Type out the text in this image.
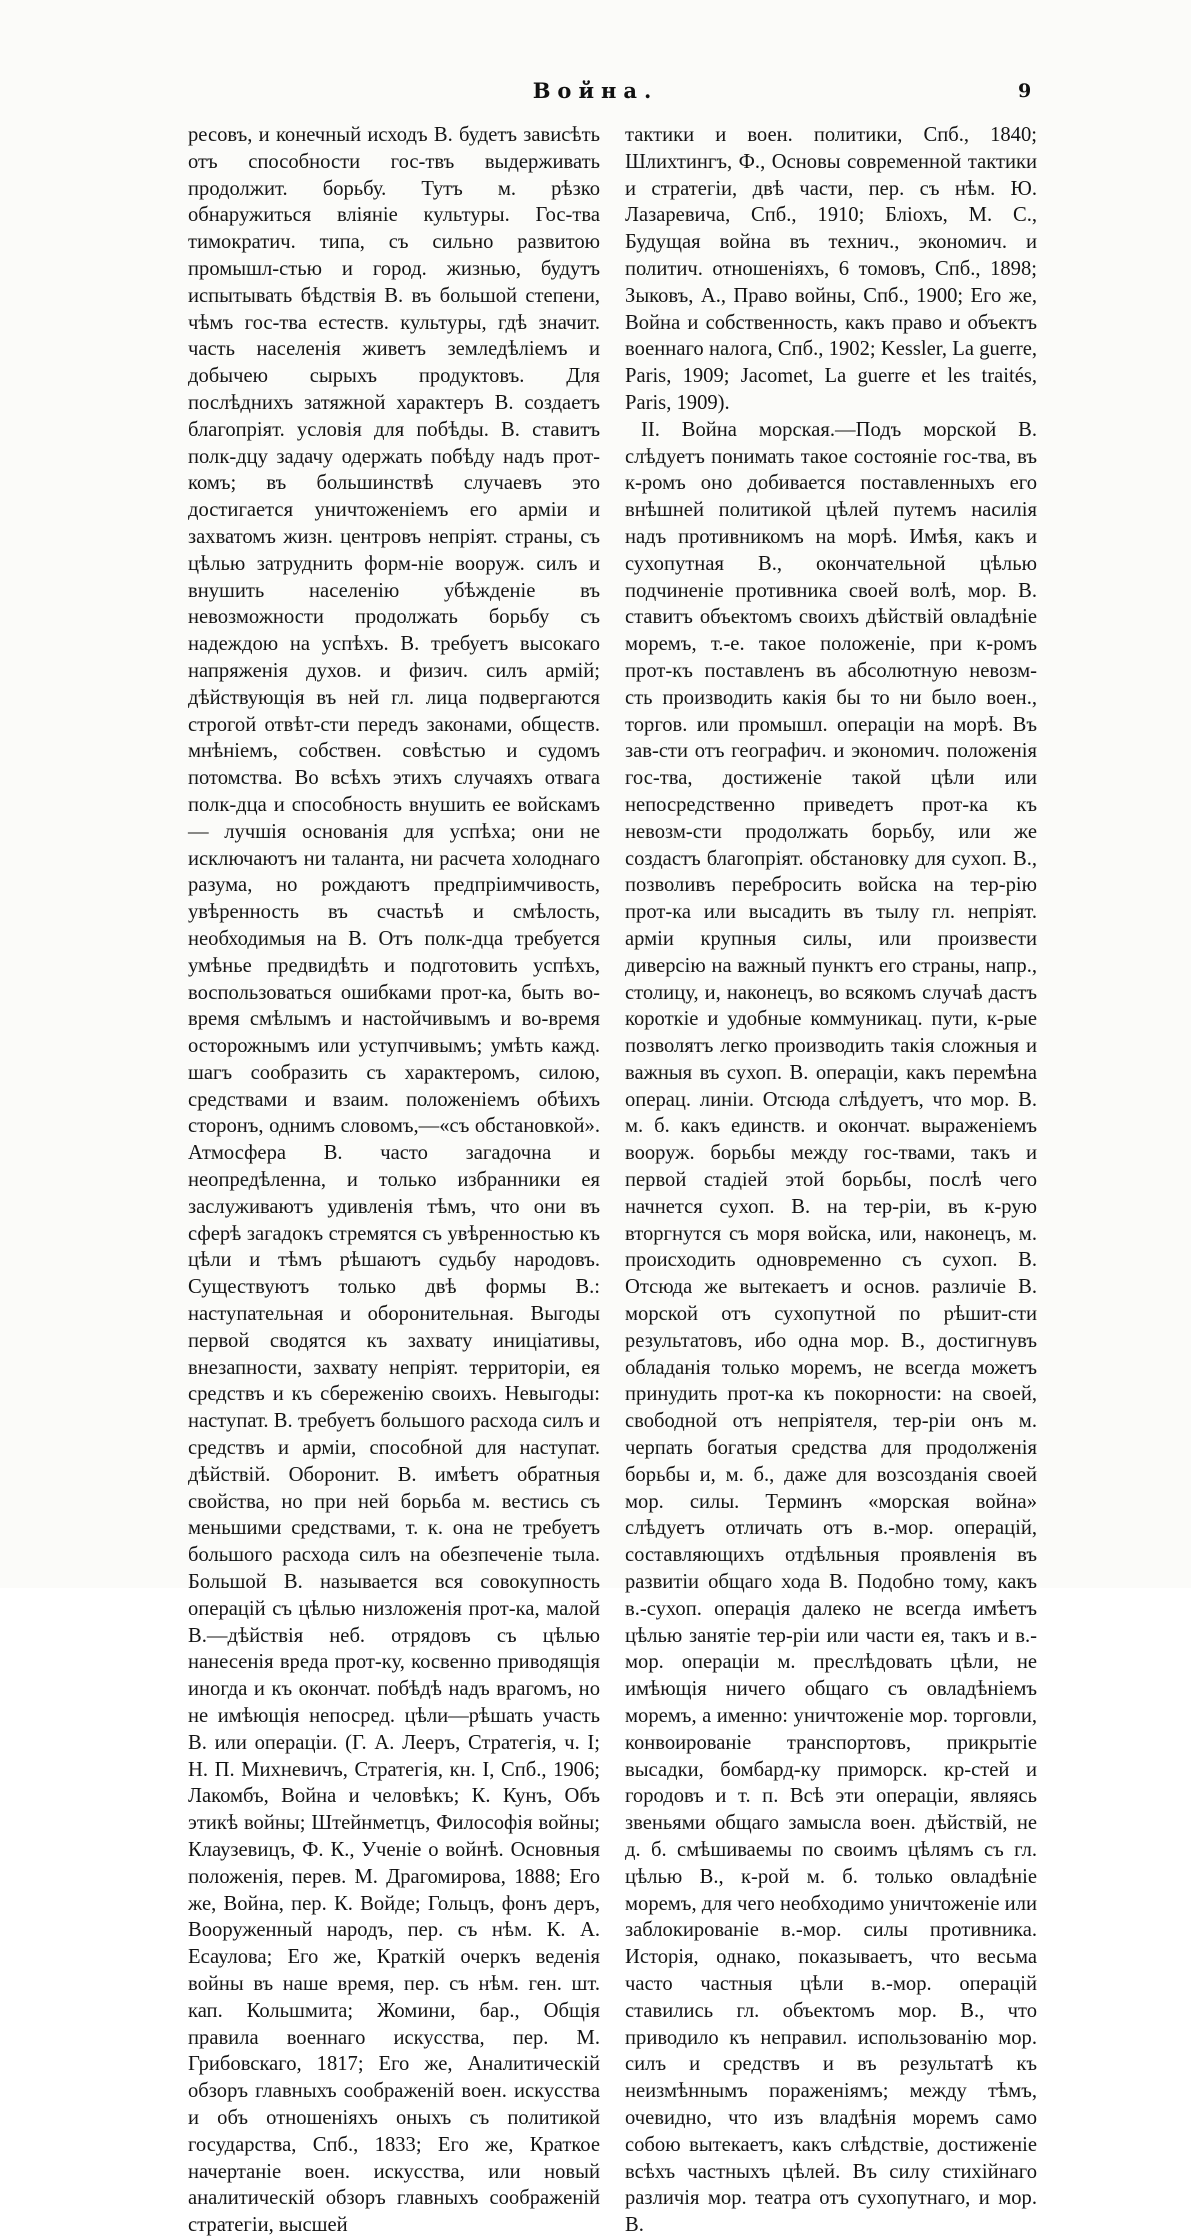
Война.	9

ресовъ, и конечный исходъ В. будетъ зависѣть отъ способности гос-твъ выдерживать продолжит. борьбу. Тутъ м. рѣзко обнаружиться вліяніе культуры. Гос-тва тимократич. типа, съ сильно развитою промышл-стью и город. жизнью, будутъ испытывать бѣдствія В. въ большой степени, чѣмъ гос-тва естеств. культуры, гдѣ значит. часть населенія живетъ земледѣліемъ и добычею сырыхъ продуктовъ. Для послѣднихъ затяжной характеръ В. создаетъ благопріят. условія для побѣды. В. ставитъ полк-дцу задачу одержать побѣду надъ прот-комъ; въ большинствѣ случаевъ это достигается уничтоженіемъ его арміи и захватомъ жизн. центровъ непріят. страны, съ цѣлью затруднить форм-ніе вооруж. силъ и внушить населенію убѣжденіе въ невозможности продолжать борьбу съ надеждою на успѣхъ. В. требуетъ высокаго напряженія духов. и физич. силъ армій; дѣйствующія въ ней гл. лица подвергаются строгой отвѣт-сти передъ законами, обществ. мнѣніемъ, собствен. совѣстью и судомъ потомства. Во всѣхъ этихъ случаяхъ отвага полк-дца и способность внушить ее войскамъ — лучшія основанія для успѣха; они не исключаютъ ни таланта, ни расчета холоднаго разума, но рождаютъ предпріимчивость, увѣренность въ счастьѣ и смѣлость, необходимыя на В. Отъ полк-дца требуется умѣнье предвидѣть и подготовить успѣхъ, воспользоваться ошибками прот-ка, быть во-время смѣлымъ и настойчивымъ и во-время осторожнымъ или уступчивымъ; умѣть кажд. шагъ сообразить съ характеромъ, силою, средствами и взаим. положеніемъ обѣихъ сторонъ, однимъ словомъ,—«съ обстановкой». Атмосфера В. часто загадочна и неопредѣленна, и только избранники ея заслуживаютъ удивленія тѣмъ, что они въ сферѣ загадокъ стремятся съ увѣренностью къ цѣли и тѣмъ рѣшаютъ судьбу народовъ. Существуютъ только двѣ формы В.: наступательная и оборонительная. Выгоды первой сводятся къ захвату иниціативы, внезапности, захвату непріят. территоріи, ея средствъ и къ сбереженію своихъ. Невыгоды: наступат. В. требуетъ большого расхода силъ и средствъ и арміи, способной для наступат. дѣйствій. Оборонит. В. имѣетъ обратныя свойства, но при ней борьба м. вестись съ меньшими средствами, т. к. она не требуетъ большого расхода силъ на обезпеченіе тыла. Большой В. называется вся совокупность операцій съ цѣлью низложенія прот-ка, малой В.—дѣйствія неб. отрядовъ съ цѣлью нанесенія вреда прот-ку, косвенно приводящія иногда и къ окончат. побѣдѣ надъ врагомъ, но не имѣющія непосред. цѣли—рѣшать участь В. или операціи. (Г. А. Лееръ, Стратегія, ч. I; Н. П. Михневичъ, Стратегія, кн. I, Спб., 1906; Лакомбъ, Война и человѣкъ; К. Кунъ, Объ этикѣ войны; Штейнметцъ, Философія войны; Клаузевицъ, Ф. К., Ученіе о войнѣ. Основныя положенія, перев. М. Драгомирова, 1888; Его же, Война, пер. К. Войде; Гольцъ, фонъ деръ, Вооруженный народъ, пер. съ нѣм. К. А. Есаулова; Его же, Краткій очеркъ веденія войны въ наше время, пер. съ нѣм. ген. шт. кап. Кольшмита; Жомини, бар., Общія правила военнаго искусства, пер. М. Грибовскаго, 1817; Его же, Аналитическій обзоръ главныхъ соображеній воен. искусства и объ отношеніяхъ оныхъ съ политикой государства, Спб., 1833; Его же, Краткое начертаніе воен. искусства, или новый аналитическій обзоръ главныхъ соображеній стратегіи, высшей

тактики и воен. политики, Спб., 1840; Шлихтингъ, Ф., Основы современной тактики и стратегіи, двѣ части, пер. съ нѣм. Ю. Лазаревича, Спб., 1910; Блiохъ, М. С., Будущая война въ технич., экономич. и политич. отношеніяхъ, 6 томовъ, Спб., 1898; Зыковъ, А., Право войны, Спб., 1900; Его же, Война и собственность, какъ право и объектъ военнаго налога, Спб., 1902; Kessler, La guerre, Paris, 1909; Jacomet, La guerre et les traités, Paris, 1909).

II. Война морская.—Подъ морской В. слѣдуетъ понимать такое состояніе гос-тва, въ к-ромъ оно добивается поставленныхъ его внѣшней политикой цѣлей путемъ насилія надъ противникомъ на морѣ. Имѣя, какъ и сухопутная В., окончательной цѣлью подчиненіе противника своей волѣ, мор. В. ставитъ объектомъ своихъ дѣйствій овладѣніе моремъ, т.-е. такое положеніе, при к-ромъ прот-къ поставленъ въ абсолютную невозм-сть производить какія бы то ни было воен., торгов. или промышл. операціи на морѣ. Въ зав-сти отъ географич. и экономич. положенія гос-тва, достиженіе такой цѣли или непосредственно приведетъ прот-ка къ невозм-сти продолжать борьбу, или же создастъ благопріят. обстановку для сухоп. В., позволивъ перебросить войска на тер-рію прот-ка или высадить въ тылу гл. непріят. арміи крупныя силы, или произвести диверсію на важный пунктъ его страны, напр., столицу, и, наконецъ, во всякомъ случаѣ дастъ короткіе и удобные коммуникац. пути, к-рые позволятъ легко производить такія сложныя и важныя въ сухоп. В. операціи, какъ перемѣна операц. линіи. Отсюда слѣдуетъ, что мор. В. м. б. какъ единств. и окончат. выраженіемъ вооруж. борьбы между гос-твами, такъ и первой стадіей этой борьбы, послѣ чего начнется сухоп. В. на тер-ріи, въ к-рую вторгнутся съ моря войска, или, наконецъ, м. происходить одновременно съ сухоп. В. Отсюда же вытекаетъ и основ. различіе В. морской отъ сухопутной по рѣшит-сти результатовъ, ибо одна мор. В., достигнувъ обладанія только моремъ, не всегда можетъ принудить прот-ка къ покорности: на своей, свободной отъ непріятеля, тер-ріи онъ м. черпать богатыя средства для продолженія борьбы и, м. б., даже для возсозданія своей мор. силы. Терминъ «морская война» слѣдуетъ отличать отъ в.-мор. операцій, составляющихъ отдѣльныя проявленія въ развитіи общаго хода В. Подобно тому, какъ в.-сухоп. операція далеко не всегда имѣетъ цѣлью занятіе тер-ріи или части ея, такъ и в.-мор. операціи м. преслѣдовать цѣли, не имѣющія ничего общаго съ овладѣніемъ моремъ, а именно: уничтоженіе мор. торговли, конвоированіе транспортовъ, прикрытіе высадки, бомбард-ку приморск. кр-стей и городовъ и т. п. Всѣ эти операціи, являясь звеньями общаго замысла воен. дѣйствій, не д. б. смѣшиваемы по своимъ цѣлямъ съ гл. цѣлью В., к-рой м. б. только овладѣніе моремъ, для чего необходимо уничтоженіе или заблокированіе в.-мор. силы противника. Исторія, однако, показываетъ, что весьма часто частныя цѣли в.-мор. операцій ставились гл. объектомъ мор. В., что приводило къ неправил. использованію мор. силъ и средствъ и въ результатѣ къ неизмѣннымъ пораженіямъ; между тѣмъ, очевидно, что изъ владѣнія моремъ само собою вытекаетъ, какъ слѣдствіе, достиженіе всѣхъ частныхъ цѣлей. Въ силу стихійнаго различія мор. театра отъ сухопутнаго, и мор. В.
